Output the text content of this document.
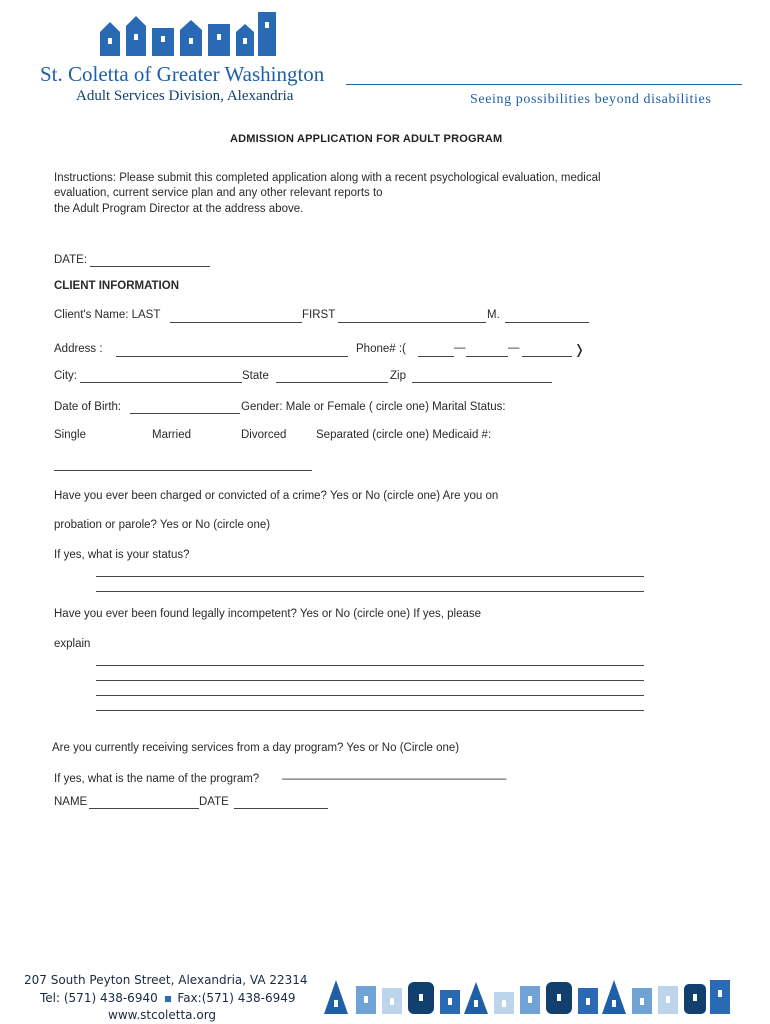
St. Coletta of Greater Washington
Adult Services Division, Alexandria	Seeing possibilities beyond disabilities
ADMISSION APPLICATION FOR ADULT PROGRAM
Instructions: Please submit this completed application along with a recent psychological evaluation, medical
evaluation, current service plan and any other relevant reports to
the Adult Program Director at the address above.
DATE:
CLIENT INFORMATION
Client's Name: LAST	FIRST	M.
Address :	Phone# :(	—	—	❭
City:	State	Zip
Date of Birth:	Gender: Male or Female ( circle one) Marital Status:
Single	Married	Divorced	Separated (circle one) Medicaid #:
Have you ever been charged or convicted of a crime? Yes or No (circle one) Are you on
probation or parole? Yes or No (circle one)
If yes, what is your status?
Have you ever been found legally incompetent? Yes or No (circle one) If yes, please
explain
Are you currently receiving services from a day program? Yes or No (Circle one)
If yes, what is the name of the program? ––––––––––––––––––––––––––––––––––––––
NAME	DATE
207 South Peyton Street, Alexandria, VA 22314
Tel: (571) 438-6940 Fax:(571) 438-6949
www.stcoletta.org
